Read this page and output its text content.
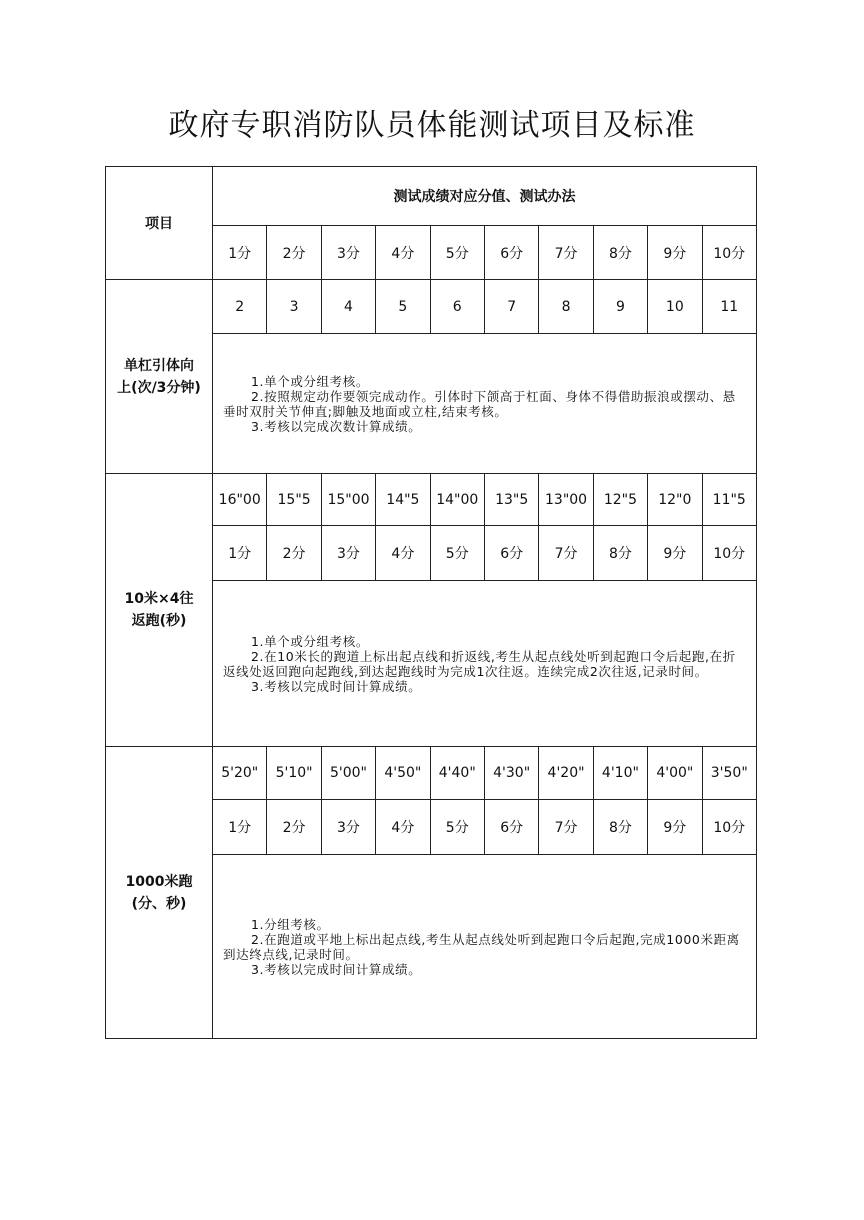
政府专职消防队员体能测试项目及标准
项目	测试成绩对应分值、测试办法									
	1分	2分	3分	4分	5分	6分	7分	8分	9分	10分
单杠引体向
上(次/3分钟)	2	3	4	5	6	7	8	9	10	11

	1.单个或分组考核。

2.按照规定动作要领完成动作。引体时下颌高于杠面、身体不得借助振浪或摆动、悬垂时双肘关节伸直;脚触及地面或立柱,结束考核。

3.考核以完成次数计算成绩。									

10米×4往
返跑(秒)	16"00	15"5	15"00	14"5	14"00	13"5	13"00	12"5	12"0	11"5
	1分	2分	3分	4分	5分	6分	7分	8分	9分	10分

	1.单个或分组考核。

2.在10米长的跑道上标出起点线和折返线,考生从起点线处听到起跑口令后起跑,在折返线处返回跑向起跑线,到达起跑线时为完成1次往返。连续完成2次往返,记录时间。

3.考核以完成时间计算成绩。									

1000米跑
(分、秒)	5'20"	5'10"	5'00"	4'50"	4'40"	4'30"	4'20"	4'10"	4'00"	3'50"
	1分	2分	3分	4分	5分	6分	7分	8分	9分	10分

	1.分组考核。

2.在跑道或平地上标出起点线,考生从起点线处听到起跑口令后起跑,完成1000米距离到达终点线,记录时间。

3.考核以完成时间计算成绩。									
